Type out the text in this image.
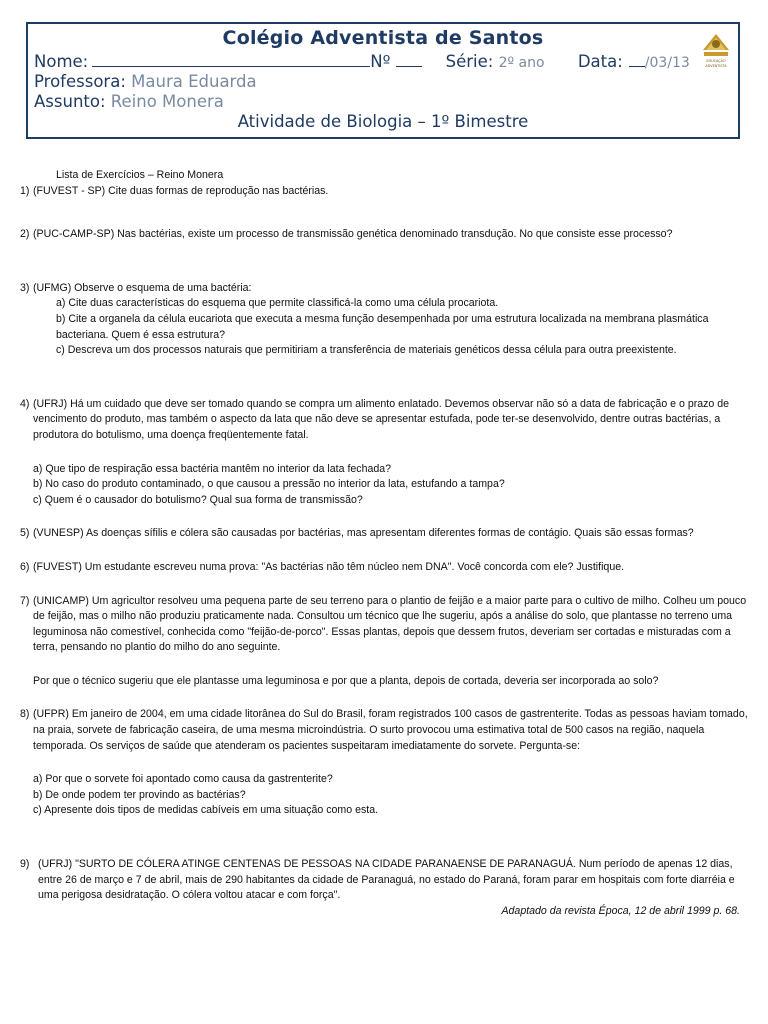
Colégio Adventista de Santos
Nome:	Nº	Série: 2º ano Data: /03/13
Professora: Maura Eduarda
Assunto: Reino Monera
Atividade de Biologia – 1º Bimestre
EDUCAÇÃO
ADVENTISTA
Lista de Exercícios – Reino Monera
1) (FUVEST - SP) Cite duas formas de reprodução nas bactérias.
2) (PUC-CAMP-SP) Nas bactérias, existe um processo de transmissão genética denominado transdução. No que consiste esse processo?
3) (UFMG) Observe o esquema de uma bactéria:
a) Cite duas características do esquema que permite classificá-la como uma célula procariota.
b) Cite a organela da célula eucariota que executa a mesma função desempenhada por uma estrutura localizada na membrana plasmática bacteriana. Quem é essa estrutura?
c) Descreva um dos processos naturais que permitiriam a transferência de materiais genéticos dessa célula para outra preexistente.
4) (UFRJ) Há um cuidado que deve ser tomado quando se compra um alimento enlatado. Devemos observar não só a data de fabricação e o prazo de vencimento do produto, mas também o aspecto da lata que não deve se apresentar estufada, pode ter-se desenvolvido, dentre outras bactérias, a produtora do botulismo, uma doença freqüentemente fatal.
a) Que tipo de respiração essa bactéria mantêm no interior da lata fechada?
b) No caso do produto contaminado, o que causou a pressão no interior da lata, estufando a tampa?
c) Quem é o causador do botulismo? Qual sua forma de transmissão?
5) (VUNESP) As doenças sífilis e cólera são causadas por bactérias, mas apresentam diferentes formas de contágio. Quais são essas formas?
6) (FUVEST) Um estudante escreveu numa prova: "As bactérias não têm núcleo nem DNA". Você concorda com ele? Justifique.
7) (UNICAMP) Um agricultor resolveu uma pequena parte de seu terreno para o plantio de feijão e a maior parte para o cultivo de milho. Colheu um pouco de feijão, mas o milho não produziu praticamente nada. Consultou um técnico que lhe sugeriu, após a análise do solo, que plantasse no terreno uma leguminosa não comestível, conhecida como "feijão-de-porco". Essas plantas, depois que dessem frutos, deveriam ser cortadas e misturadas com a terra, pensando no plantio do milho do ano seguinte.
Por que o técnico sugeriu que ele plantasse uma leguminosa e por que a planta, depois de cortada, deveria ser incorporada ao solo?
8) (UFPR) Em janeiro de 2004, em uma cidade litorânea do Sul do Brasil, foram registrados 100 casos de gastrenterite. Todas as pessoas haviam tomado, na praia, sorvete de fabricação caseira, de uma mesma microindústria. O surto provocou uma estimativa total de 500 casos na região, naquela temporada. Os serviços de saúde que atenderam os pacientes suspeitaram imediatamente do sorvete. Pergunta-se:
a) Por que o sorvete foi apontado como causa da gastrenterite?
b) De onde podem ter provindo as bactérias?
c) Apresente dois tipos de medidas cabíveis em uma situação como esta.
9) (UFRJ) "SURTO DE CÓLERA ATINGE CENTENAS DE PESSOAS NA CIDADE PARANAENSE DE PARANAGUÁ. Num período de apenas 12 dias, entre 26 de março e 7 de abril, mais de 290 habitantes da cidade de Paranaguá, no estado do Paraná, foram parar em hospitais com forte diarréia e uma perigosa desidratação. O cólera voltou atacar e com força".
Adaptado da revista Época, 12 de abril 1999 p. 68.
